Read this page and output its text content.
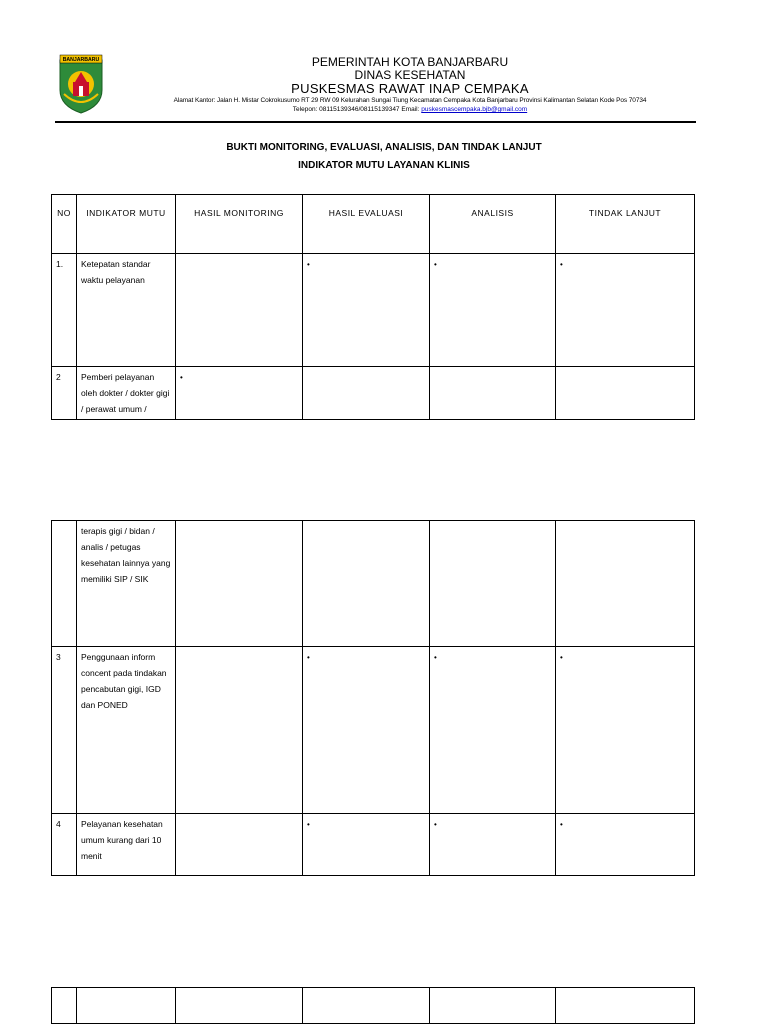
BANJARBARU	PEMERINTAH KOTA BANJARBARU
DINAS KESEHATAN
PUSKESMAS RAWAT INAP CEMPAKA
Alamat Kantor: Jalan H. Mistar Cokrokusumo RT 29 RW 09 Kelurahan Sungai Tiung Kecamatan Cempaka Kota Banjarbaru Provinsi Kalimantan Selatan Kode Pos 70734
Telepon: 08115139346/08115139347 Email: puskesmascempaka.bjb@gmail.com
BUKTI MONITORING, EVALUASI, ANALISIS, DAN TINDAK LANJUT
INDIKATOR MUTU LAYANAN KLINIS
NO	INDIKATOR MUTU	HASIL MONITORING	HASIL EVALUASI	ANALISIS	TINDAK LANJUT
1.	Ketepatan standar waktu pelayanan		•	•	•
2	Pemberi pelayanan oleh dokter / dokter gigi / perawat umum /	•			
	terapis gigi / bidan / analis / petugas kesehatan lainnya yang memiliki SIP / SIK				
3	Penggunaan inform concent pada tindakan pencabutan gigi, IGD dan PONED		•	•	•
4	Pelayanan kesehatan umum kurang dari 10 menit		•	•	•
